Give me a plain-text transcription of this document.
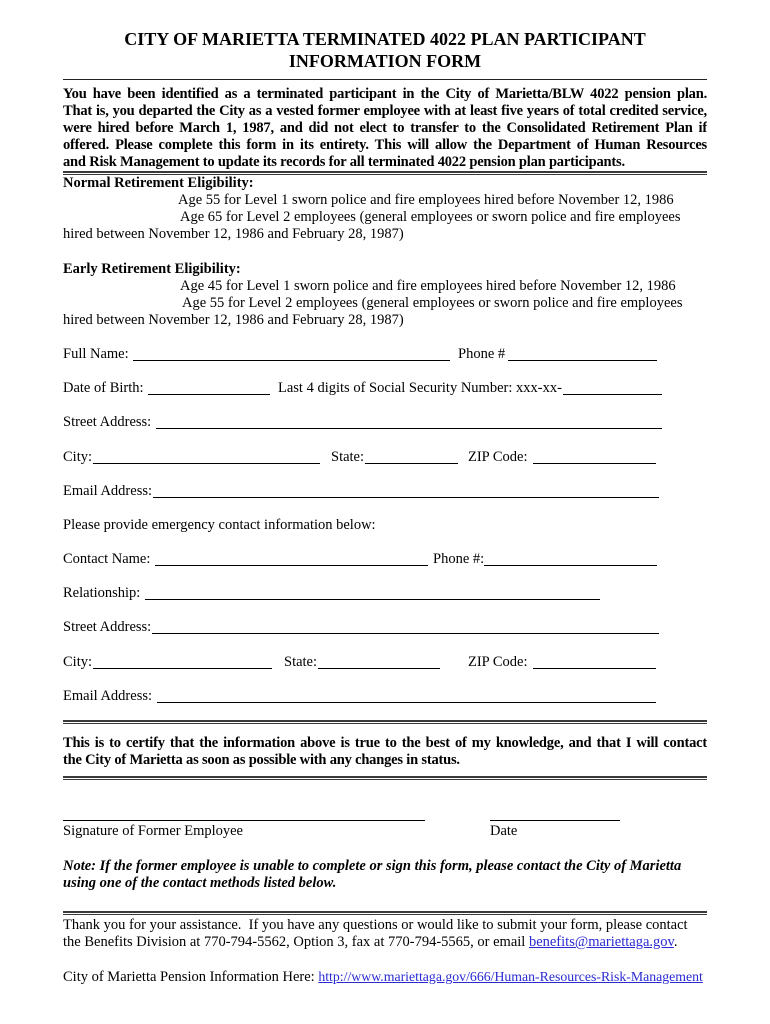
CITY OF MARIETTA TERMINATED 4022 PLAN PARTICIPANT
INFORMATION FORM
You have been identified as a terminated participant in the City of Marietta/BLW 4022 pension plan.
That is, you departed the City as a vested former employee with at least five years of total credited service,
were hired before March 1, 1987, and did not elect to transfer to the Consolidated Retirement Plan if
offered. Please complete this form in its entirety. This will allow the Department of Human Resources
and Risk Management to update its records for all terminated 4022 pension plan participants.
Normal Retirement Eligibility:
Age 55 for Level 1 sworn police and fire employees hired before November 12, 1986
Age 65 for Level 2 employees (general employees or sworn police and fire employees
hired between November 12, 1986 and February 28, 1987)
Early Retirement Eligibility:
Age 45 for Level 1 sworn police and fire employees hired before November 12, 1986
Age 55 for Level 2 employees (general employees or sworn police and fire employees
hired between November 12, 1986 and February 28, 1987)
Full Name:	Phone #
Date of Birth:	Last 4 digits of Social Security Number: xxx-xx-
Street Address:
City:	State:	ZIP Code:
Email Address:
Please provide emergency contact information below:
Contact Name:	Phone #:
Relationship:
Street Address:
City:	State:	ZIP Code:
Email Address:
This is to certify that the information above is true to the best of my knowledge, and that I will contact
the City of Marietta as soon as possible with any changes in status.
Signature of Former Employee	Date
Note: If the former employee is unable to complete or sign this form, please contact the City of Marietta
using one of the contact methods listed below.
Thank you for your assistance.  If you have any questions or would like to submit your form, please contact
the Benefits Division at 770-794-5562, Option 3, fax at 770-794-5565, or email benefits@mariettaga.gov.
City of Marietta Pension Information Here: http://www.mariettaga.gov/666/Human-Resources-Risk-Management
